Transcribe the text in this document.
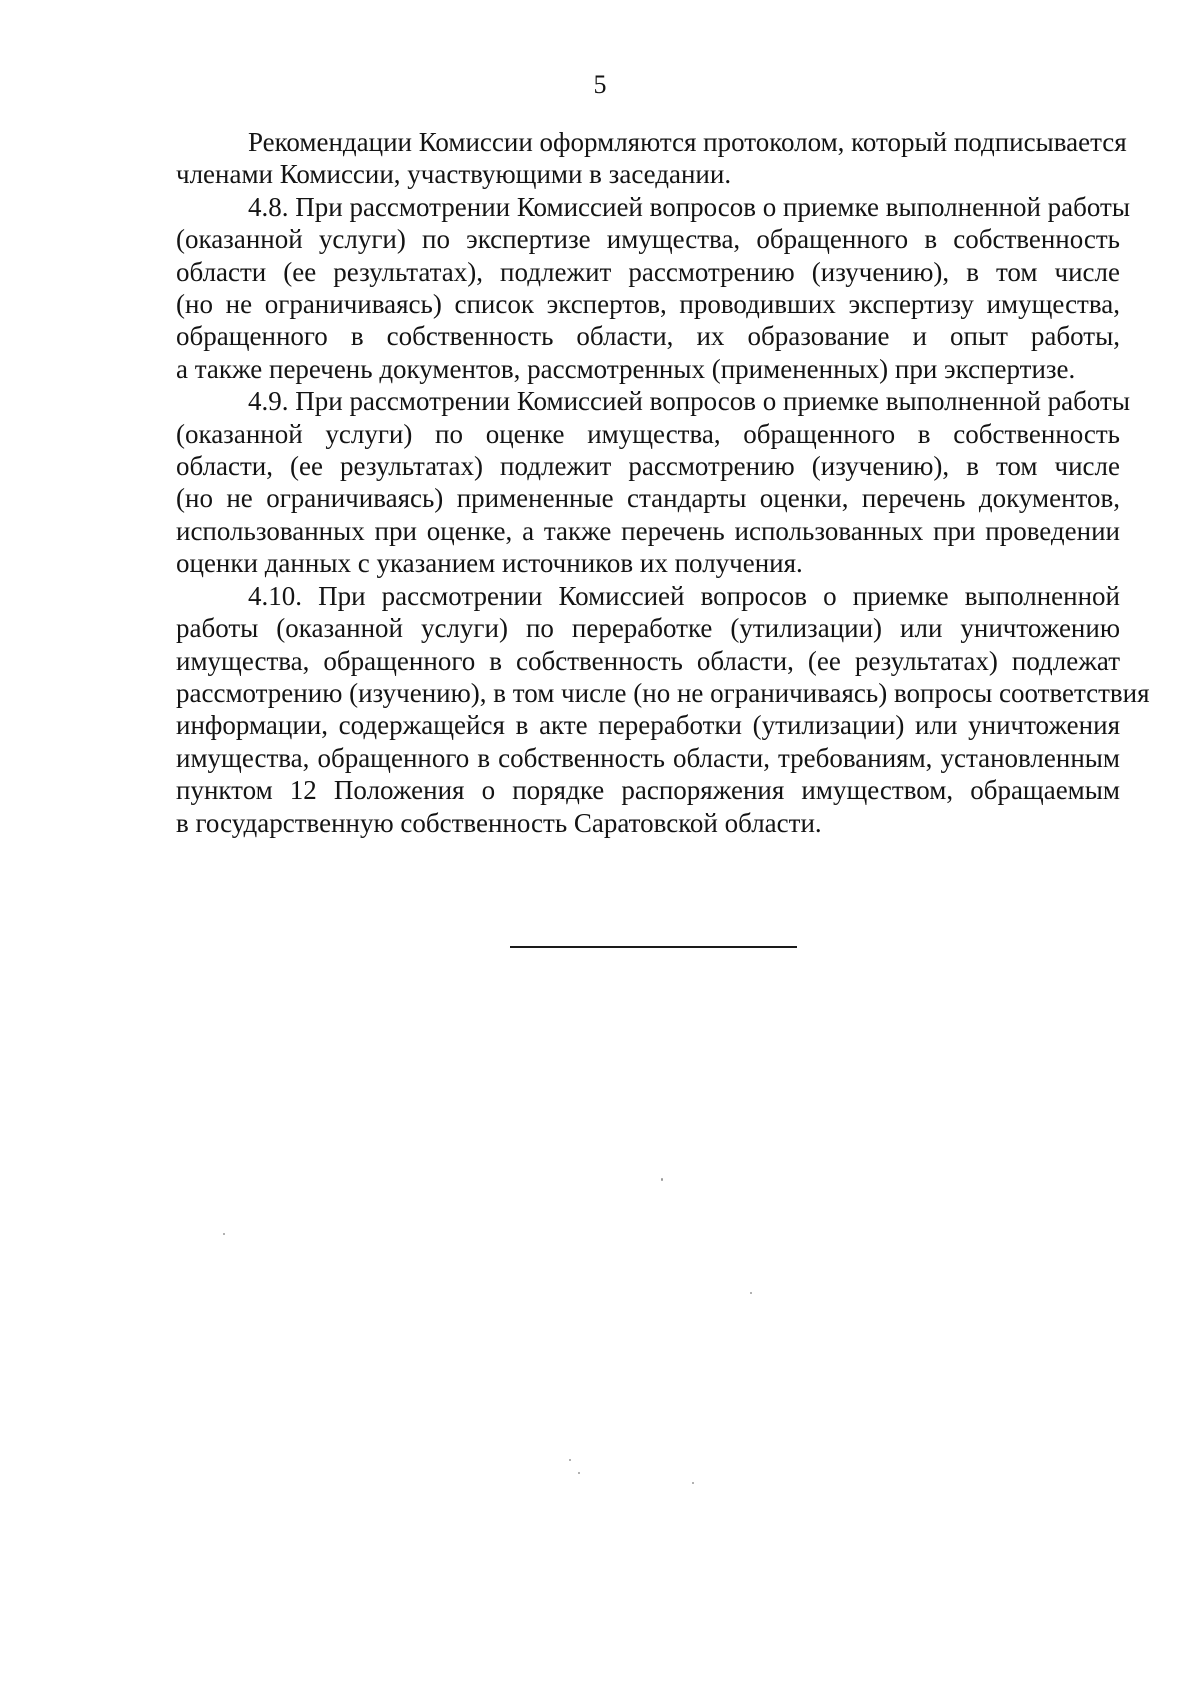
5

Рекомендации Комиссии оформляются протоколом, который подписывается
членами Комиссии, участвующими в заседании.

4.8. При рассмотрении Комиссией вопросов о приемке выполненной работы
(оказанной услуги) по экспертизе имущества, обращенного в собственность
области (ее результатах), подлежит рассмотрению (изучению), в том числе
(но не ограничиваясь) список экспертов, проводивших экспертизу имущества,
обращенного в собственность области, их образование и опыт работы,
а также перечень документов, рассмотренных (примененных) при экспертизе.

4.9. При рассмотрении Комиссией вопросов о приемке выполненной работы
(оказанной услуги) по оценке имущества, обращенного в собственность
области, (ее результатах) подлежит рассмотрению (изучению), в том числе
(но не ограничиваясь) примененные стандарты оценки, перечень документов,
использованных при оценке, а также перечень использованных при проведении
оценки данных с указанием источников их получения.

4.10. При рассмотрении Комиссией вопросов о приемке выполненной
работы (оказанной услуги) по переработке (утилизации) или уничтожению
имущества, обращенного в собственность области, (ее результатах) подлежат
рассмотрению (изучению), в том числе (но не ограничиваясь) вопросы соответствия
информации, содержащейся в акте переработки (утилизации) или уничтожения
имущества, обращенного в собственность области, требованиям, установленным
пунктом 12 Положения о порядке распоряжения имуществом, обращаемым
в государственную собственность Саратовской области.
